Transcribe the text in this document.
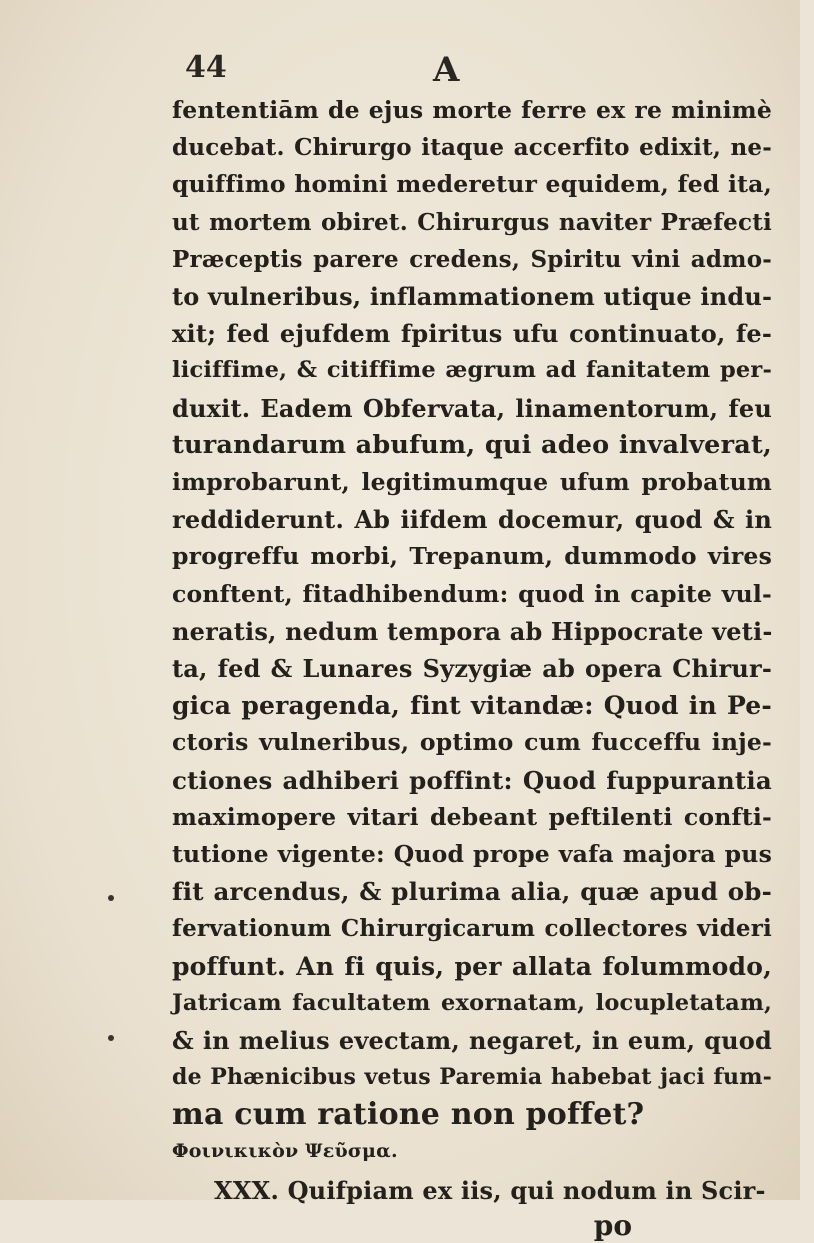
44	A
fententiām de ejus morte ferre ex re minimè
ducebat. Chirurgo itaque accerfito edixit, ne-
quiffimo homini mederetur equidem, fed ita,
ut mortem obiret. Chirurgus naviter Præfecti
Præceptis parere credens, Spiritu vini admo-
to vulneribus, inflammationem utique indu-
xit; fed ejufdem fpiritus ufu continuato, fe-
liciffime, & citiffime ægrum ad fanitatem per-
duxit. Eadem Obfervata, linamentorum, feu
turandarum abufum, qui adeo invalverat,
improbarunt, legitimumque ufum probatum
reddiderunt. Ab iifdem docemur, quod & in
progreffu morbi, Trepanum, dummodo vires
conftent, fitadhibendum: quod in capite vul-
neratis, nedum tempora ab Hippocrate veti-
ta, fed & Lunares Syzygiæ ab opera Chirur-
gica peragenda, fint vitandæ: Quod in Pe-
ctoris vulneribus, optimo cum fucceffu inje-
ctiones adhiberi poffint: Quod fuppurantia
maximopere vitari debeant peftilenti confti-
tutione vigente: Quod prope vafa majora pus
fit arcendus, & plurima alia, quæ apud ob-
fervationum Chirurgicarum collectores videri
poffunt. An fi quis, per allata folummodo,
Jatricam facultatem exornatam, locupletatam,
& in melius evectam, negaret, in eum, quod
de Phænicibus vetus Paremia habebat jaci fum-
ma cum ratione non poffet?
Φοινικικὸν Ψεῦσμα.
XXX. Quifpiam ex iis, qui nodum in Scir-
po
